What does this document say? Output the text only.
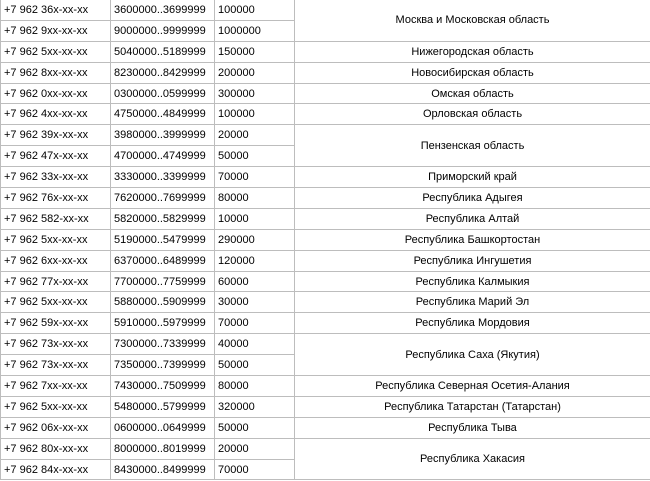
+7 962 36x-xx-xx	3600000..3699999	100000	Москва и Московская область
+7 962 9xx-xx-xx	9000000..9999999	1000000	
+7 962 5xx-xx-xx	5040000..5189999	150000	Нижегородская область
+7 962 8xx-xx-xx	8230000..8429999	200000	Новосибирская область
+7 962 0xx-xx-xx	0300000..0599999	300000	Омская область
+7 962 4xx-xx-xx	4750000..4849999	100000	Орловская область
+7 962 39x-xx-xx	3980000..3999999	20000	Пензенская область
+7 962 47x-xx-xx	4700000..4749999	50000	
+7 962 33x-xx-xx	3330000..3399999	70000	Приморский край
+7 962 76x-xx-xx	7620000..7699999	80000	Республика Адыгея
+7 962 582-xx-xx	5820000..5829999	10000	Республика Алтай
+7 962 5xx-xx-xx	5190000..5479999	290000	Республика Башкортостан
+7 962 6xx-xx-xx	6370000..6489999	120000	Республика Ингушетия
+7 962 77x-xx-xx	7700000..7759999	60000	Республика Калмыкия
+7 962 5xx-xx-xx	5880000..5909999	30000	Республика Марий Эл
+7 962 59x-xx-xx	5910000..5979999	70000	Республика Мордовия
+7 962 73x-xx-xx	7300000..7339999	40000	Республика Саха (Якутия)
+7 962 73x-xx-xx	7350000..7399999	50000	
+7 962 7xx-xx-xx	7430000..7509999	80000	Республика Северная Осетия-Алания
+7 962 5xx-xx-xx	5480000..5799999	320000	Республика Татарстан (Татарстан)
+7 962 06x-xx-xx	0600000..0649999	50000	Республика Тыва
+7 962 80x-xx-xx	8000000..8019999	20000	Республика Хакасия
+7 962 84x-xx-xx	8430000..8499999	70000	
